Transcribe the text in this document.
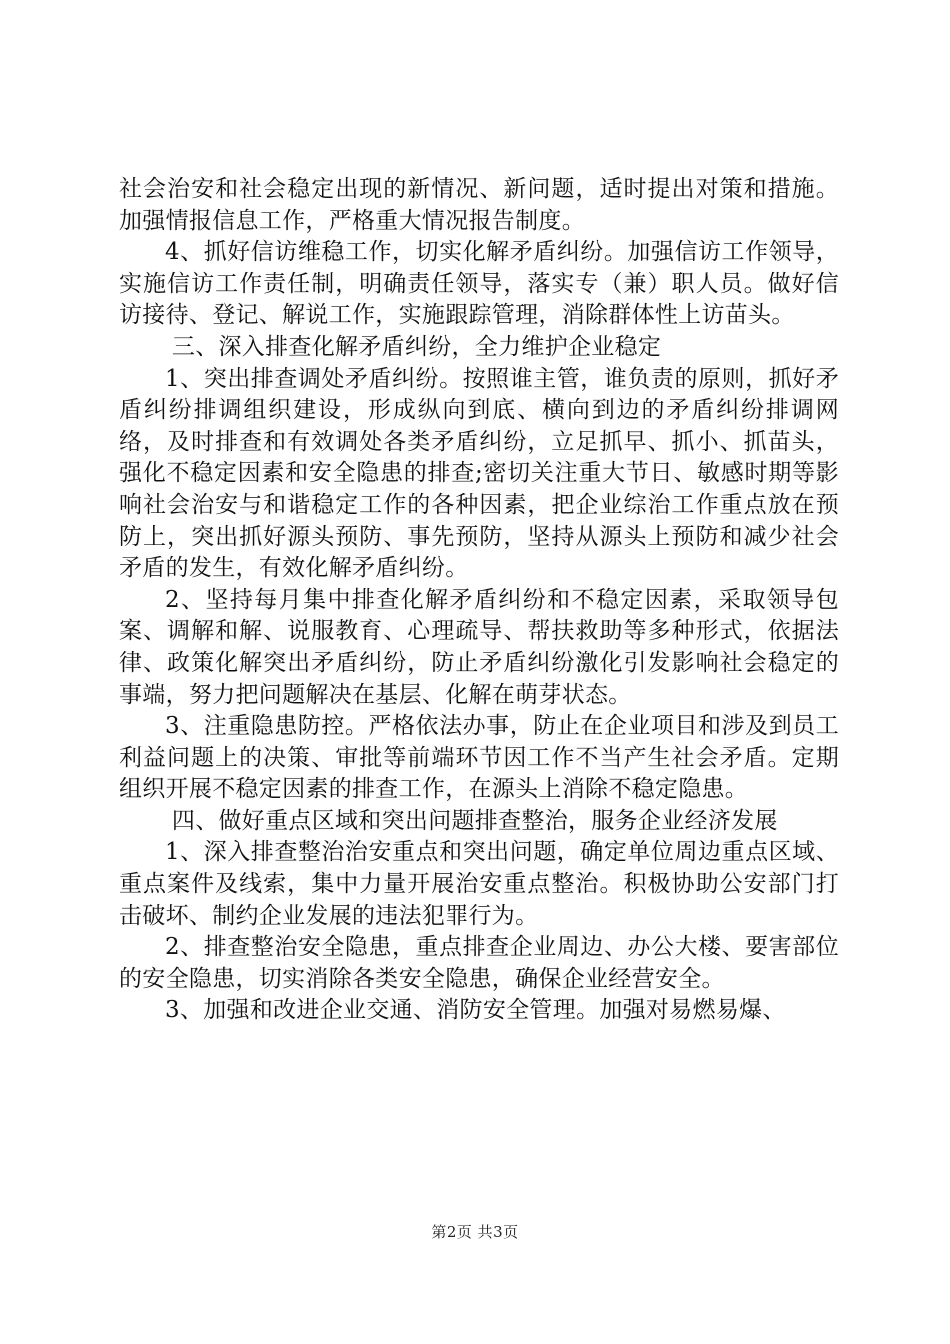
社会治安和社会稳定出现的新情况、新问题，适时提出对策和措施。加强情报信息工作，严格重大情况报告制度。

4、抓好信访维稳工作，切实化解矛盾纠纷。加强信访工作领导，实施信访工作责任制，明确责任领导，落实专（兼）职人员。做好信访接待、登记、解说工作，实施跟踪管理，消除群体性上访苗头。

三、深入排查化解矛盾纠纷，全力维护企业稳定

1、突出排查调处矛盾纠纷。按照谁主管，谁负责的原则，抓好矛盾纠纷排调组织建设，形成纵向到底、横向到边的矛盾纠纷排调网络，及时排查和有效调处各类矛盾纠纷，立足抓早、抓小、抓苗头，强化不稳定因素和安全隐患的排查;密切关注重大节日、敏感时期等影响社会治安与和谐稳定工作的各种因素，把企业综治工作重点放在预防上，突出抓好源头预防、事先预防，坚持从源头上预防和减少社会矛盾的发生，有效化解矛盾纠纷。

2、坚持每月集中排查化解矛盾纠纷和不稳定因素，采取领导包案、调解和解、说服教育、心理疏导、帮扶救助等多种形式，依据法律、政策化解突出矛盾纠纷，防止矛盾纠纷激化引发影响社会稳定的事端，努力把问题解决在基层、化解在萌芽状态。

3、注重隐患防控。严格依法办事，防止在企业项目和涉及到员工利益问题上的决策、审批等前端环节因工作不当产生社会矛盾。定期组织开展不稳定因素的排查工作，在源头上消除不稳定隐患。

四、做好重点区域和突出问题排查整治，服务企业经济发展

1、深入排查整治治安重点和突出问题，确定单位周边重点区域、重点案件及线索，集中力量开展治安重点整治。积极协助公安部门打击破坏、制约企业发展的违法犯罪行为。

2、排查整治安全隐患，重点排查企业周边、办公大楼、要害部位的安全隐患，切实消除各类安全隐患，确保企业经营安全。

3、加强和改进企业交通、消防安全管理。加强对易燃易爆、

第2页 共3页
